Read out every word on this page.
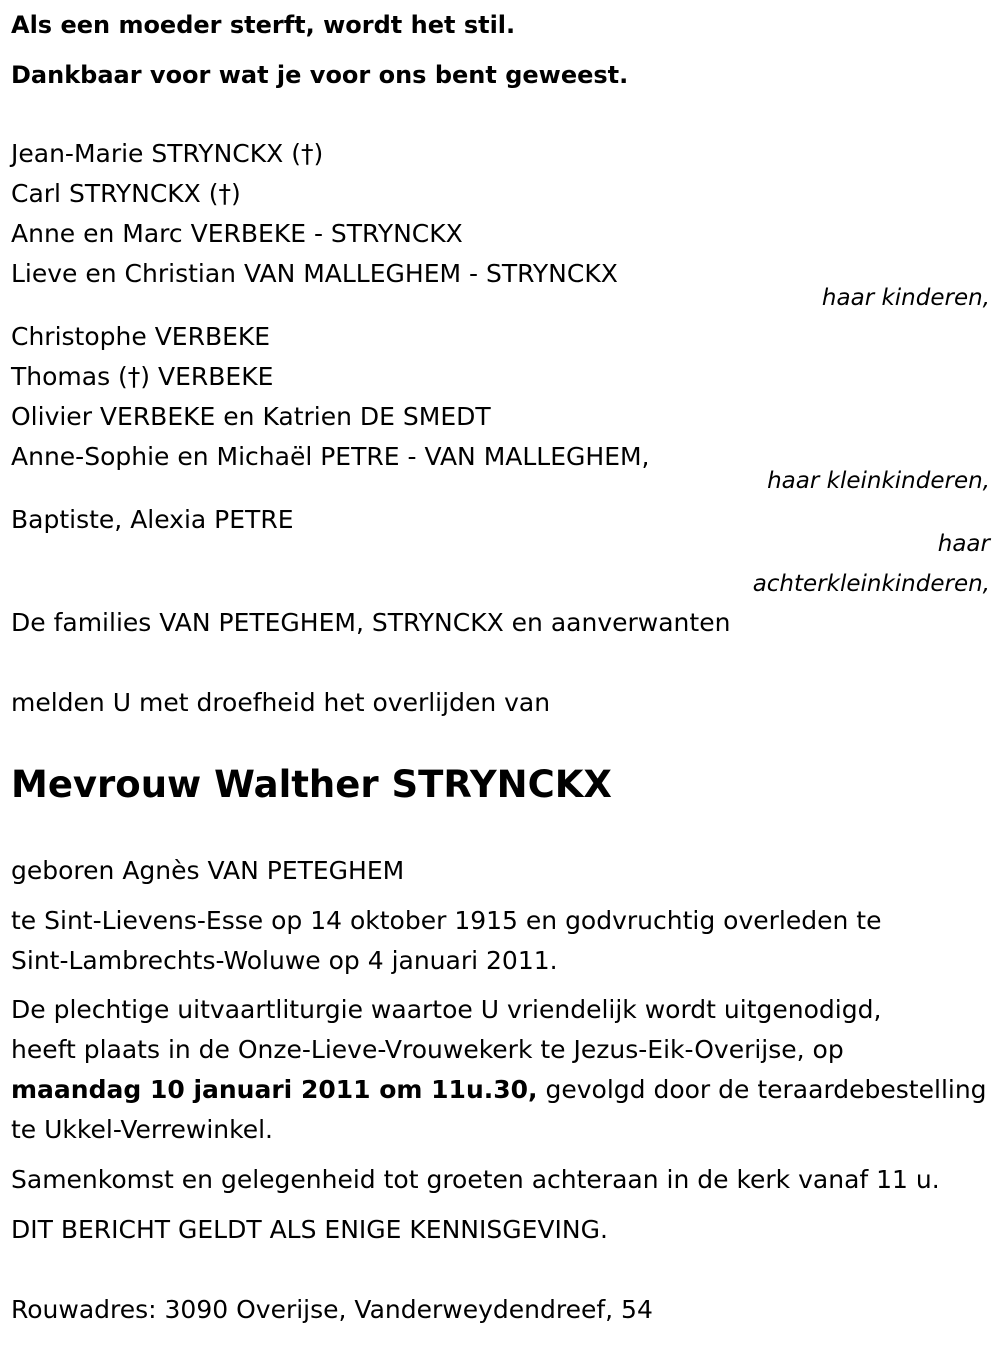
Als een moeder sterft, wordt het stil.
Dankbaar voor wat je voor ons bent geweest.
Jean-Marie STRYNCKX (†)
Carl STRYNCKX (†)
Anne en Marc VERBEKE - STRYNCKX
Lieve en Christian VAN MALLEGHEM - STRYNCKX
haar kinderen,
Christophe VERBEKE
Thomas (†) VERBEKE
Olivier VERBEKE en Katrien DE SMEDT
Anne-Sophie en Michaël PETRE - VAN MALLEGHEM,
haar kleinkinderen,
Baptiste, Alexia PETRE
haar
achterkleinkinderen,
De families VAN PETEGHEM, STRYNCKX en aanverwanten
melden U met droefheid het overlijden van
Mevrouw Walther STRYNCKX
geboren Agnès VAN PETEGHEM
te Sint-Lievens-Esse op 14 oktober 1915 en godvruchtig overleden te
Sint-Lambrechts-Woluwe op 4 januari 2011.
De plechtige uitvaartliturgie waartoe U vriendelijk wordt uitgenodigd,
heeft plaats in de Onze-Lieve-Vrouwekerk te Jezus-Eik-Overijse, op
maandag 10 januari 2011 om 11u.30, gevolgd door de teraardebestelling
te Ukkel-Verrewinkel.
Samenkomst en gelegenheid tot groeten achteraan in de kerk vanaf 11 u.
DIT BERICHT GELDT ALS ENIGE KENNISGEVING.
Rouwadres: 3090 Overijse, Vanderweydendreef, 54
